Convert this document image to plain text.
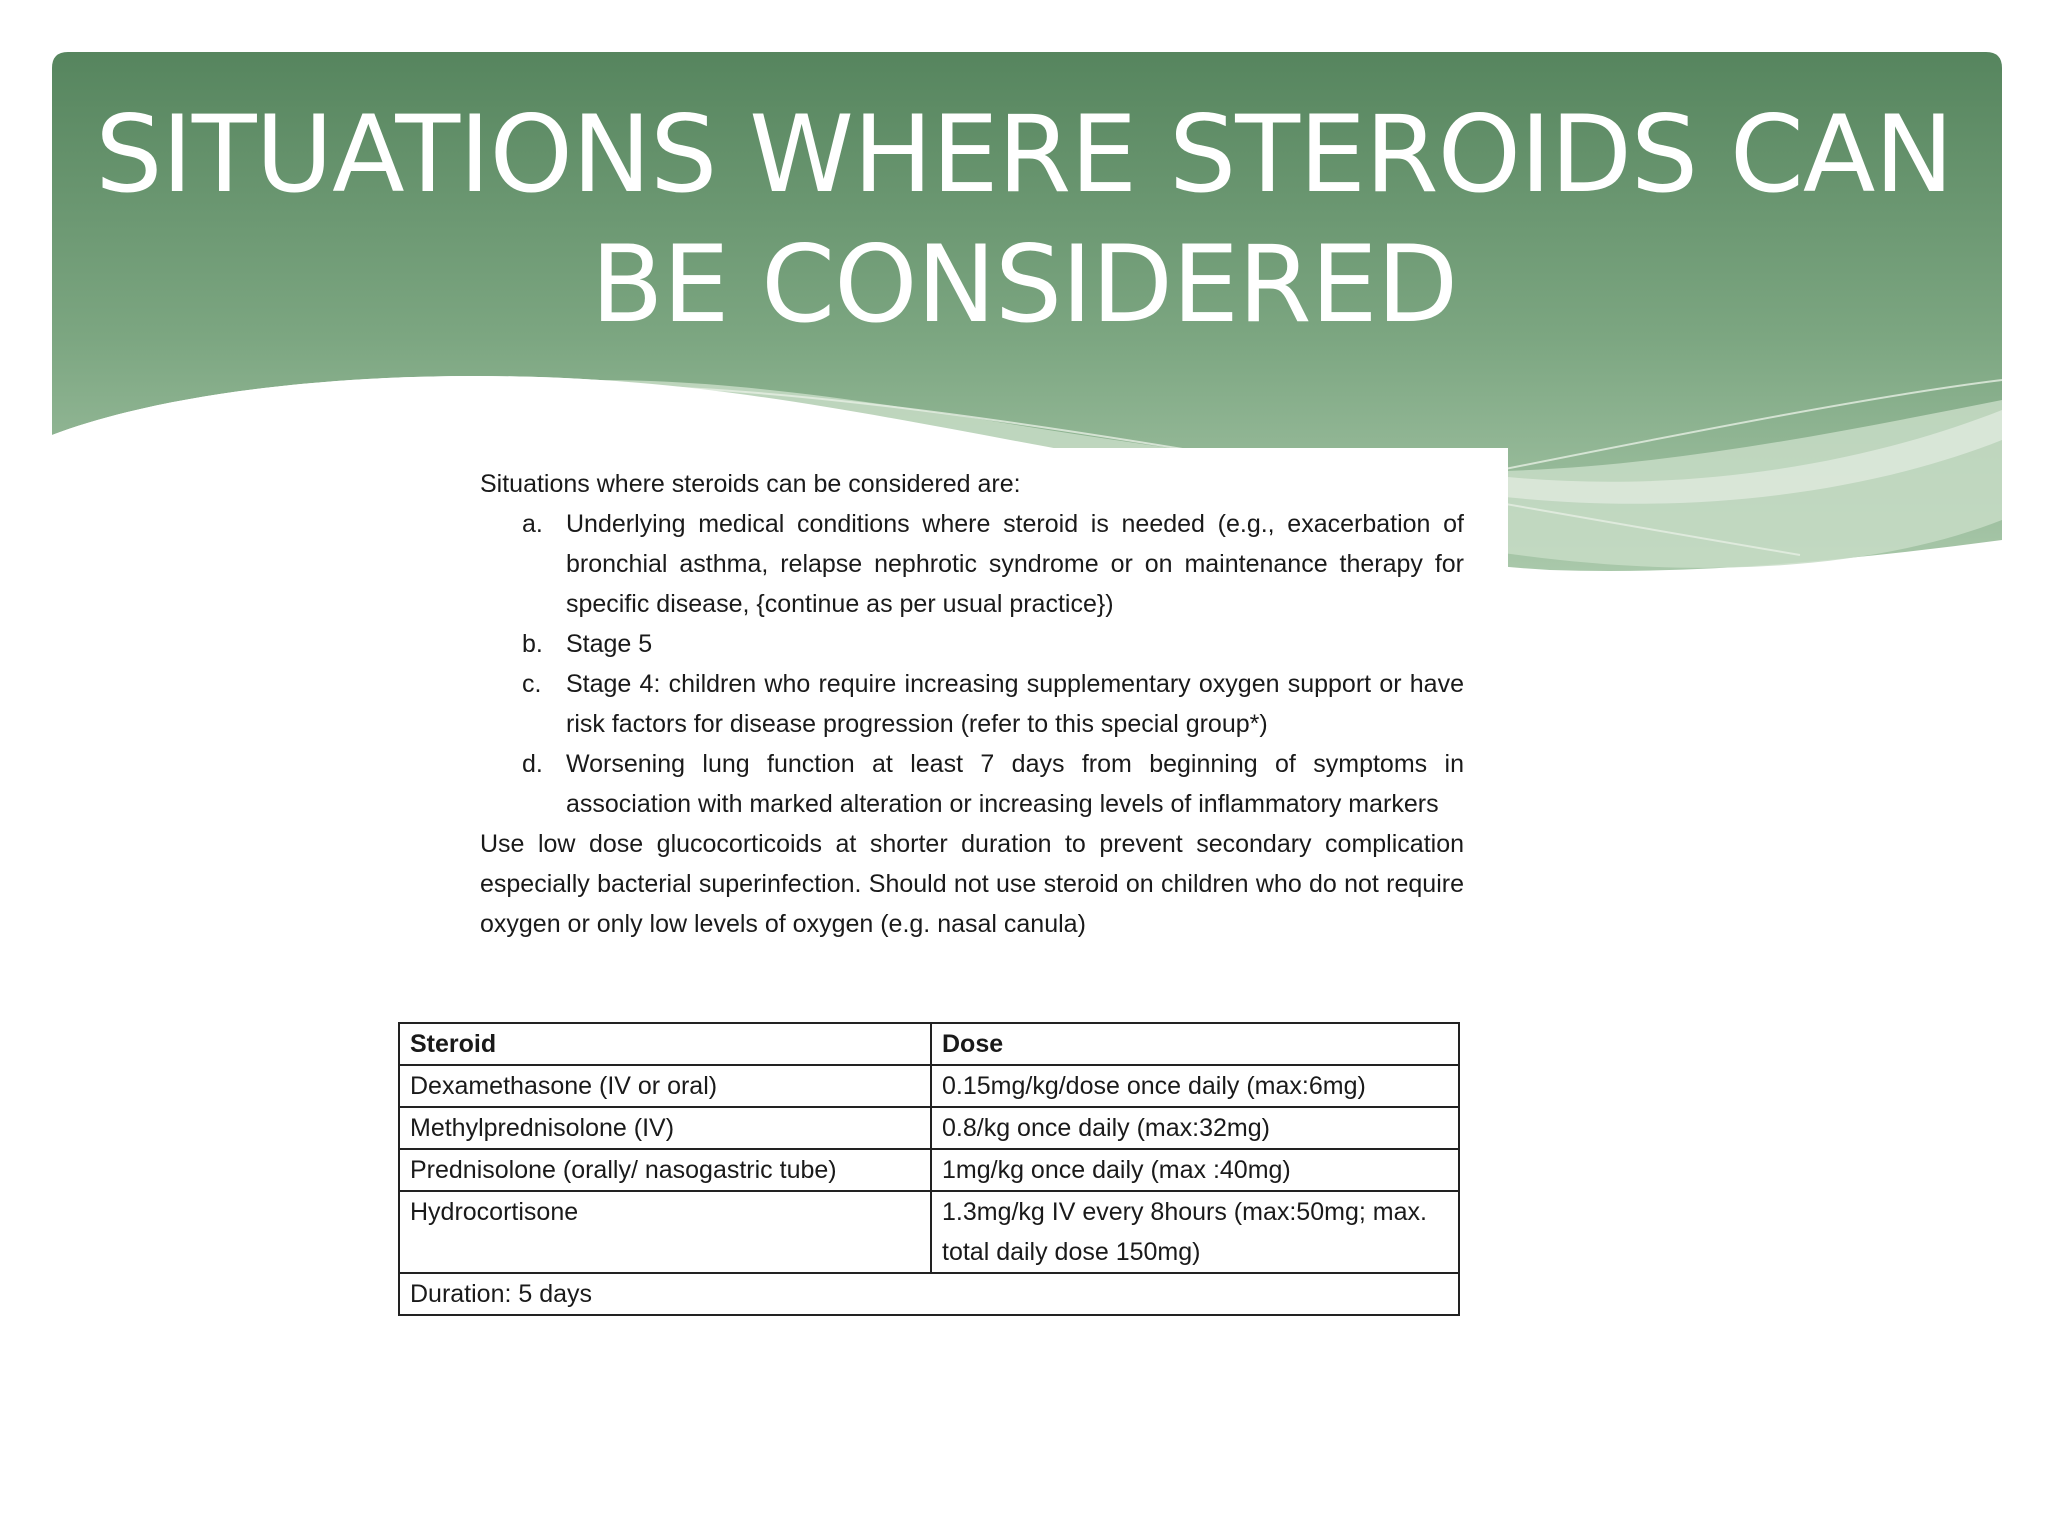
SITUATIONS WHERE STEROIDS CAN
BE CONSIDERED

Situations where steroids can be considered are:

a. Underlying medical conditions where steroid is needed (e.g., exacerbation of bronchial asthma, relapse nephrotic syndrome or on maintenance therapy for specific disease, {continue as per usual practice})
b. Stage 5
c. Stage 4: children who require increasing supplementary oxygen support or have risk factors for disease progression (refer to this special group*)
d. Worsening lung function at least 7 days from beginning of symptoms in association with marked alteration or increasing levels of inflammatory markers

Use low dose glucocorticoids at shorter duration to prevent secondary complication especially bacterial superinfection. Should not use steroid on children who do not require oxygen or only low levels of oxygen (e.g. nasal canula)

Steroid	Dose
Dexamethasone (IV or oral)	0.15mg/kg/dose once daily (max:6mg)
Methylprednisolone (IV)	0.8/kg once daily (max:32mg)
Prednisolone (orally/ nasogastric tube)	1mg/kg once daily (max :40mg)
Hydrocortisone	1.3mg/kg IV every 8hours (max:50mg; max. total daily dose 150mg)
Duration: 5 days	
